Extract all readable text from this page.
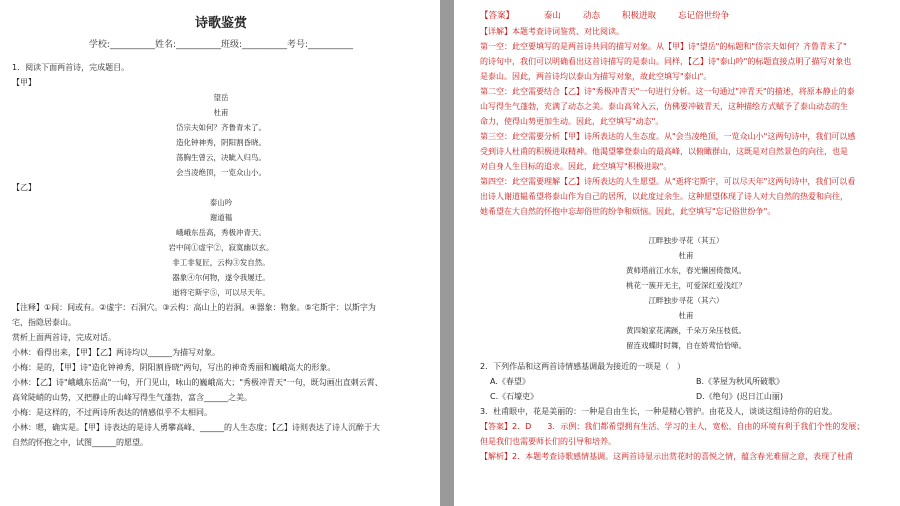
诗歌鉴赏
学校:__________姓名:__________班级:__________考号:__________
1．阅读下面两首诗，完成题目。
【甲】
望岳
杜甫
岱宗夫如何？齐鲁青未了。
造化钟神秀，阴阳割昏晓。
荡胸生曾云，决眦入归鸟。
会当凌绝顶，一览众山小。
【乙】
泰山吟
谢道韫
峨峨东岳高，秀极冲青天。
岩中间①虚宇②，寂寞幽以玄。
非工非复匠，云构③发自然。
器象④尔何物，遂令我屡迁。
逝将宅斯宇⑤，可以尽天年。
【注释】①间：间或有。②虚宇：石洞穴。③云构：高山上的岩洞。④器象：物象。⑤宅斯宇：以斯字为
宅，指隐居泰山。
赏析上面两首诗，完成对话。
小林：看得出来，【甲】【乙】两诗均以______为描写对象。
小梅：是的，【甲】诗"造化钟神秀，阴阳割昏晓"两句，写出的神奇秀丽和巍峨高大的形象。
小林：【乙】诗"峨峨东岳高"一句，开门见山，咏山的巍峨高大；"秀极冲青天"一句，既勾画出直刺云霄、
高耸陡峭的山势，又把静止的山峰写得生气蓬勃，富含______之美。
小梅：是这样的，不过两诗所表达的情感似乎不太相同。
小林：嗯，确实是。【甲】诗表达的是诗人勇攀高峰、______的人生态度；【乙】诗则表达了诗人沉醉于大
自然的怀抱之中，试图______的愿望。
【答案】	泰山	动态	积极进取	忘记俗世纷争
【详解】本题考查诗词鉴赏、对比阅读。
第一空：此空要填写的是两首诗共同的描写对象。从【甲】诗"望岳"的标题和"岱宗夫如何？齐鲁青未了"
的诗句中，我们可以明确看出这首诗描写的是泰山。同样，【乙】诗"泰山吟"的标题直接点明了描写对象也
是泰山。因此，两首诗均以泰山为描写对象，故此空填写"泰山"。
第二空：此空需要结合【乙】诗"秀极冲青天"一句进行分析。这一句通过"冲青天"的描述，将原本静止的泰
山写得生气蓬勃，充满了动态之美。泰山高耸入云，仿佛要冲破青天，这种描绘方式赋予了泰山动态的生
命力，使得山势更加生动。因此，此空填写"动态"。
第三空：此空需要分析【甲】诗所表达的人生态度。从"会当凌绝顶，一览众山小"这两句诗中，我们可以感
受到诗人杜甫的积极进取精神。他渴望攀登泰山的最高峰，以俯瞰群山，这既是对自然景色的向往，也是
对自身人生目标的追求。因此，此空填写"积极进取"。
第四空：此空需要理解【乙】诗所表达的人生愿望。从"逝将宅斯宇，可以尽天年"这两句诗中，我们可以看
出诗人谢道韫希望将泰山作为自己的居所，以此度过余生。这种愿望体现了诗人对大自然的热爱和向往，
她希望在大自然的怀抱中忘却俗世的纷争和烦恼。因此，此空填写"忘记俗世纷争"。
江畔独步寻花（其五）
杜甫
黄师塔前江水东，春光懒困倚微风。
桃花一簇开无主，可爱深红爱浅红？
江畔独步寻花（其六）
杜甫
黄四娘家花满蹊，千朵万朵压枝低。
留连戏蝶时时舞，自在娇莺恰恰啼。
2．下列作品和这两首诗情感基调最为接近的一项是（　）
A.《春望》	B.《茅屋为秋风所破歌》
C.《石壕吏》	D.《绝句》(迟日江山丽)
3．杜甫眼中，花是美丽的：一种是自由生长，一种是精心管护。由花及人，谈谈这组诗给你的启发。
【答案】2．D　　3．示例：我们都希望拥有生活、学习的主人，宽松、自由的环境有利于我们个性的发展；
但是我们也需要师长们的引导和培养。
【解析】2．本题考查诗歌感情基调。这两首诗显示出赏花时的喜悦之情，蕴含春光难留之意，表现了杜甫
